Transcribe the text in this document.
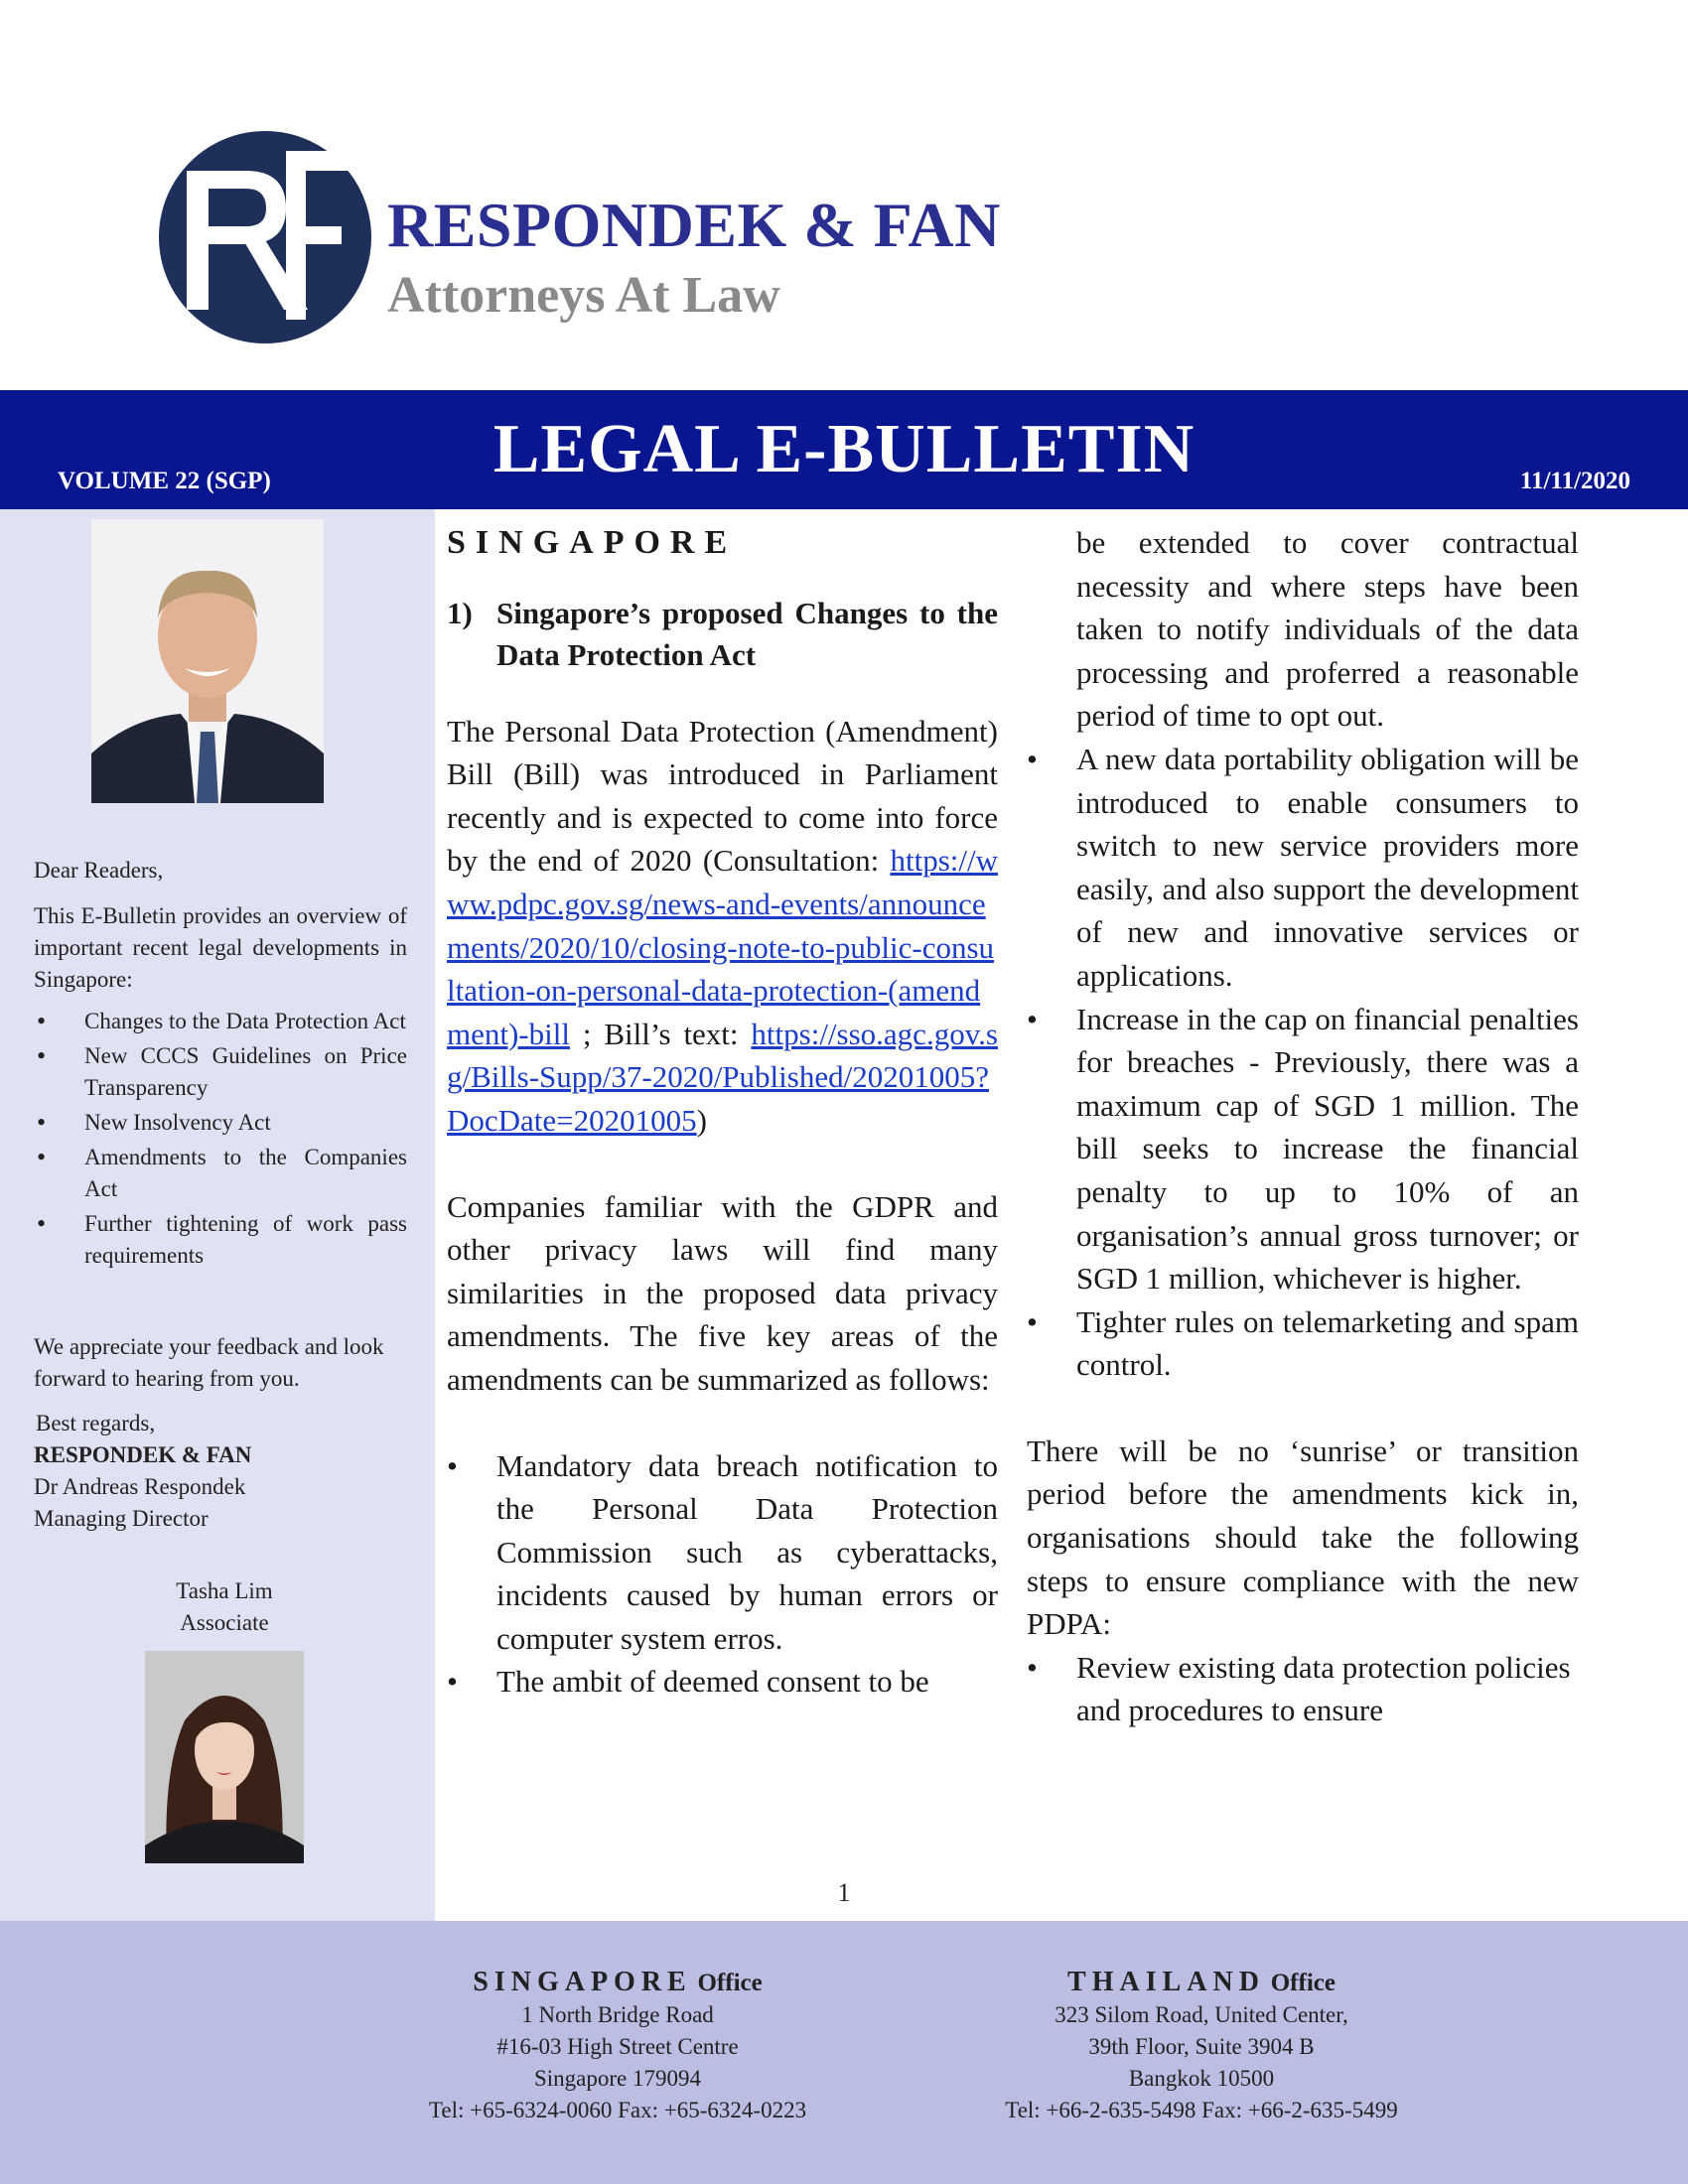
RESPONDEK & FAN
Attorneys At Law
LEGAL E-BULLETIN
VOLUME 22 (SGP)	11/11/2020
Dear Readers,
This E-Bulletin provides an overview of important recent legal developments in Singapore:
• Changes to the Data Protection Act
• New CCCS Guidelines on Price Transparency
• New Insolvency Act
• Amendments to the Companies Act
• Further tightening of work pass requirements
We appreciate your feedback and look forward to hearing from you.
Best regards,
RESPONDEK & FAN
Dr Andreas Respondek
Managing Director
Tasha Lim
Associate
SINGAPORE
1) Singapore’s proposed Changes to the Data Protection Act
The Personal Data Protection (Amendment) Bill (Bill) was introduced in Parliament recently and is expected to come into force by the end of 2020 (Consultation: https://www.pdpc.gov.sg/news-and-events/announcements/2020/10/closing-note-to-public-consultation-on-personal-data-protection-(amendment)-bill ; Bill’s text: https://sso.agc.gov.sg/Bills-Supp/37-2020/Published/20201005?DocDate=20201005)
Companies familiar with the GDPR and other privacy laws will find many similarities in the proposed data privacy amendments. The five key areas of the amendments can be summarized as follows:
• Mandatory data breach notification to the Personal Data Protection Commission such as cyberattacks, incidents caused by human errors or computer system erros.
• The ambit of deemed consent to be
be extended to cover contractual necessity and where steps have been taken to notify individuals of the data processing and proferred a reasonable period of time to opt out.
• A new data portability obligation will be introduced to enable consumers to switch to new service providers more easily, and also support the development of new and innovative services or applications.
• Increase in the cap on financial penalties for breaches - Previously, there was a maximum cap of SGD 1 million. The bill seeks to increase the financial penalty to up to 10% of an organisation’s annual gross turnover; or SGD 1 million, whichever is higher.
• Tighter rules on telemarketing and spam control.
There will be no ‘sunrise’ or transition period before the amendments kick in, organisations should take the following steps to ensure compliance with the new PDPA:
• Review existing data protection policies and procedures to ensure
1
SINGAPORE Office
1 North Bridge Road
#16-03 High Street Centre
Singapore 179094
Tel: +65-6324-0060 Fax: +65-6324-0223
THAILAND Office
323 Silom Road, United Center,
39th Floor, Suite 3904 B
Bangkok 10500
Tel: +66-2-635-5498 Fax: +66-2-635-5499
